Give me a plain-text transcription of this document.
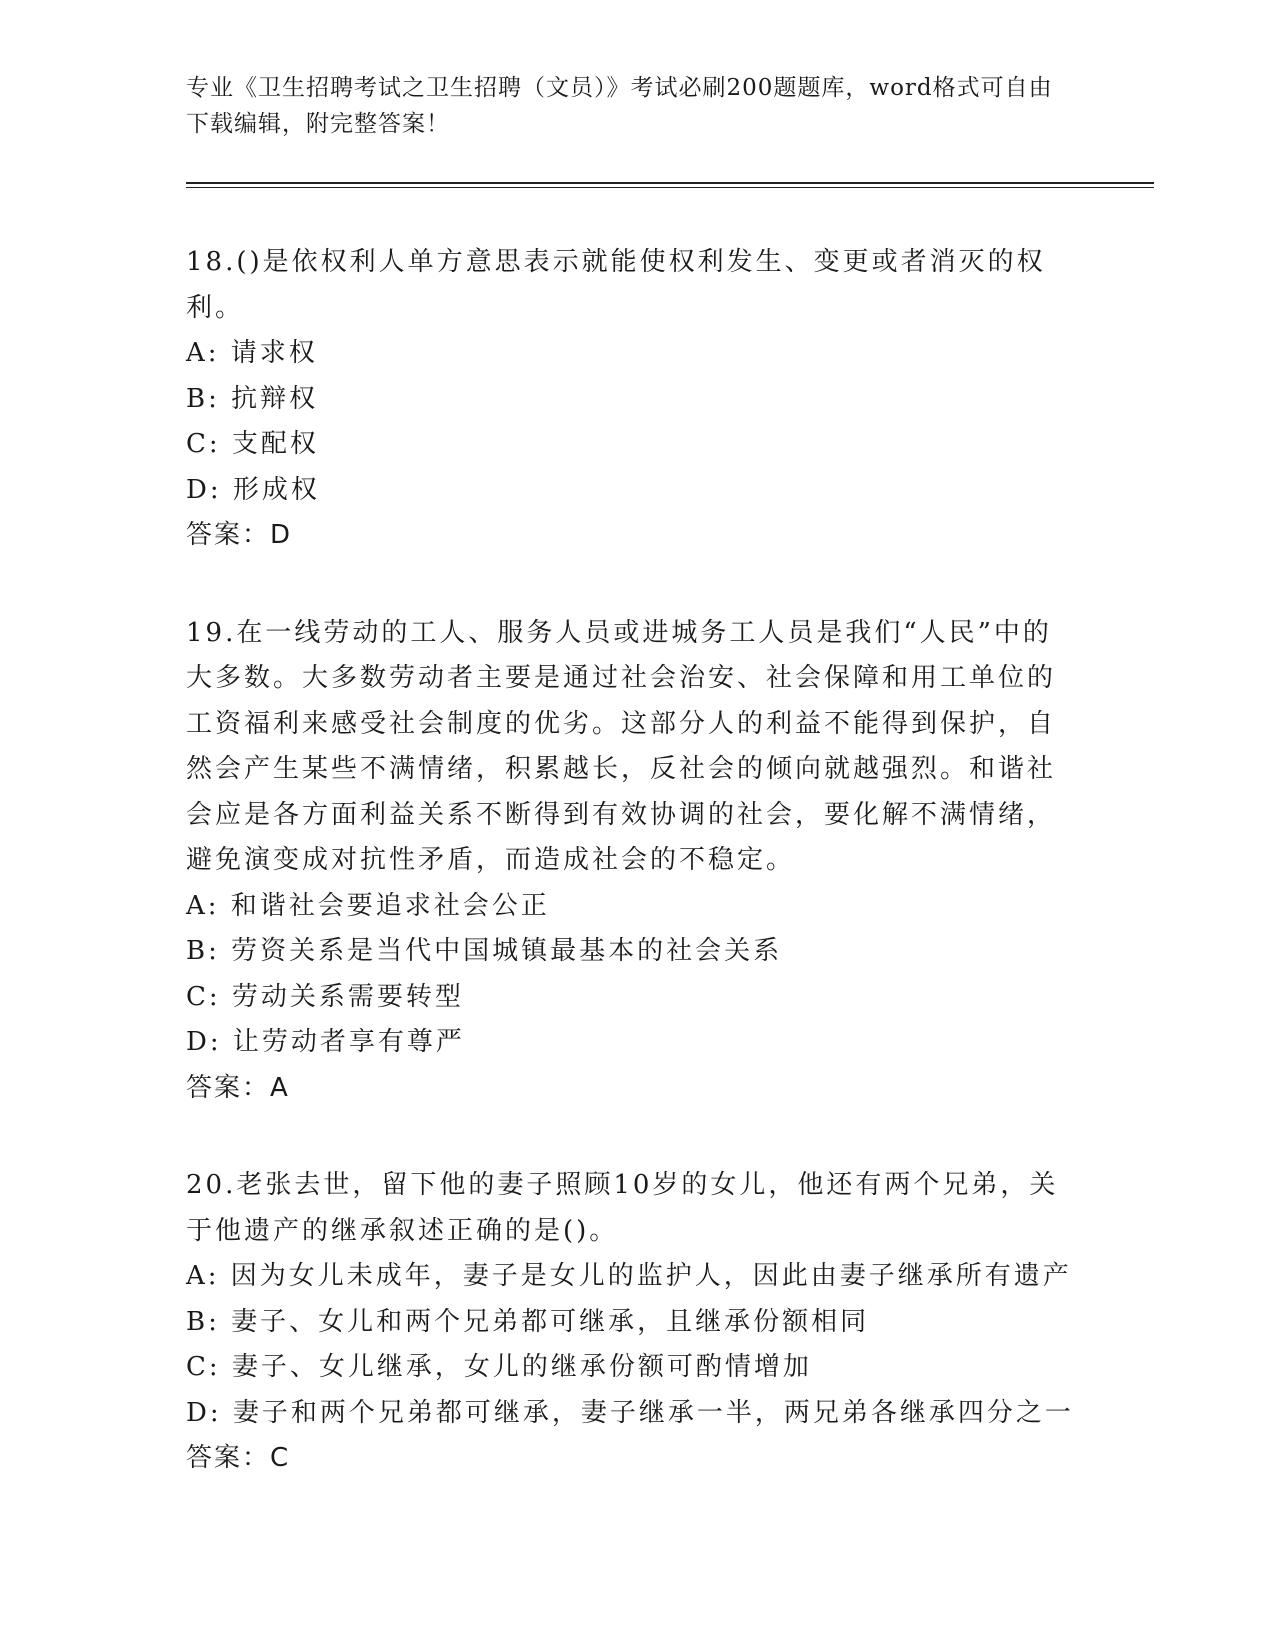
专业《卫生招聘考试之卫生招聘（文员）》考试必刷200题题库，word格式可自由下载编辑，附完整答案！
18.()是依权利人单方意思表示就能使权利发生、变更或者消灭的权利。
A: 请求权
B: 抗辩权
C: 支配权
D: 形成权
答案：D
19.在一线劳动的工人、服务人员或进城务工人员是我们“人民”中的大多数。大多数劳动者主要是通过社会治安、社会保障和用工单位的工资福利来感受社会制度的优劣。这部分人的利益不能得到保护，自然会产生某些不满情绪，积累越长，反社会的倾向就越强烈。和谐社会应是各方面利益关系不断得到有效协调的社会，要化解不满情绪，避免演变成对抗性矛盾，而造成社会的不稳定。
A: 和谐社会要追求社会公正
B: 劳资关系是当代中国城镇最基本的社会关系
C: 劳动关系需要转型
D: 让劳动者享有尊严
答案：A
20.老张去世，留下他的妻子照顾10岁的女儿，他还有两个兄弟，关于他遗产的继承叙述正确的是()。
A: 因为女儿未成年，妻子是女儿的监护人，因此由妻子继承所有遗产
B: 妻子、女儿和两个兄弟都可继承，且继承份额相同
C: 妻子、女儿继承，女儿的继承份额可酌情增加
D: 妻子和两个兄弟都可继承，妻子继承一半，两兄弟各继承四分之一
答案：C
